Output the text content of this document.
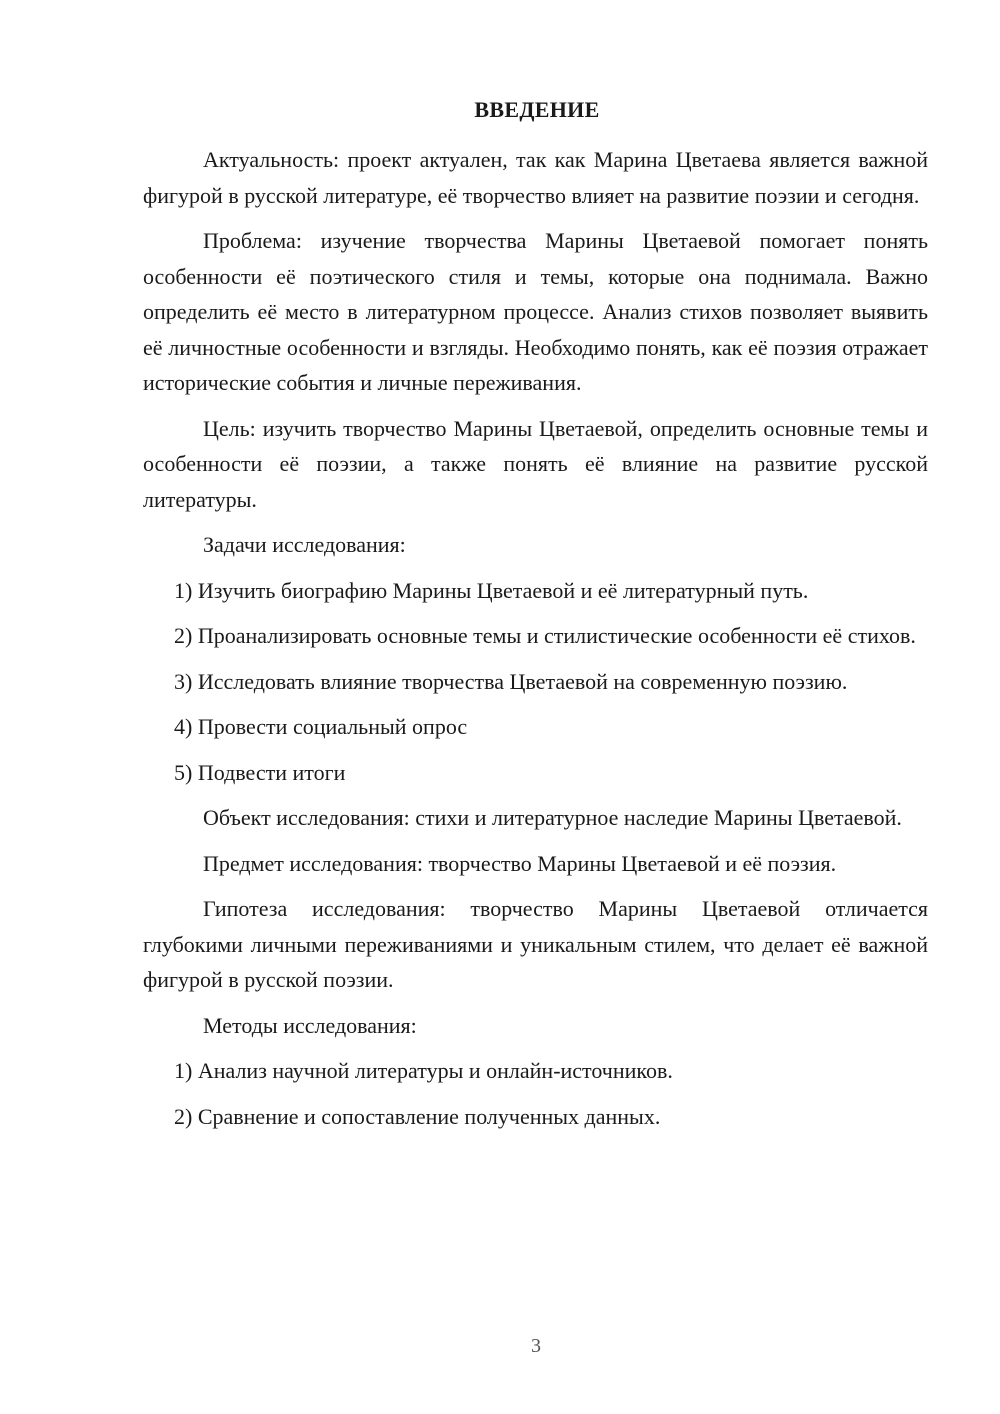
ВВЕДЕНИЕ

Актуальность: проект актуален, так как Марина Цветаева является важной фигурой в русской литературе, её творчество влияет на развитие поэзии и сегодня.

Проблема: изучение творчества Марины Цветаевой помогает понять особенности её поэтического стиля и темы, которые она поднимала. Важно определить её место в литературном процессе. Анализ стихов позволяет выявить её личностные особенности и взгляды. Необходимо понять, как её поэзия отражает исторические события и личные переживания.

Цель: изучить творчество Марины Цветаевой, определить основные темы и особенности её поэзии, а также понять её влияние на развитие русской литературы.

Задачи исследования:

1) Изучить биографию Марины Цветаевой и её литературный путь.

2) Проанализировать основные темы и стилистические особенности её стихов.

3) Исследовать влияние творчества Цветаевой на современную поэзию.

4) Провести социальный опрос

5) Подвести итоги

Объект исследования: стихи и литературное наследие Марины Цветаевой.

Предмет исследования: творчество Марины Цветаевой и её поэзия.

Гипотеза исследования: творчество Марины Цветаевой отличается глубокими личными переживаниями и уникальным стилем, что делает её важной фигурой в русской поэзии.

Методы исследования:

1) Анализ научной литературы и онлайн-источников.

2) Сравнение и сопоставление полученных данных.

3
